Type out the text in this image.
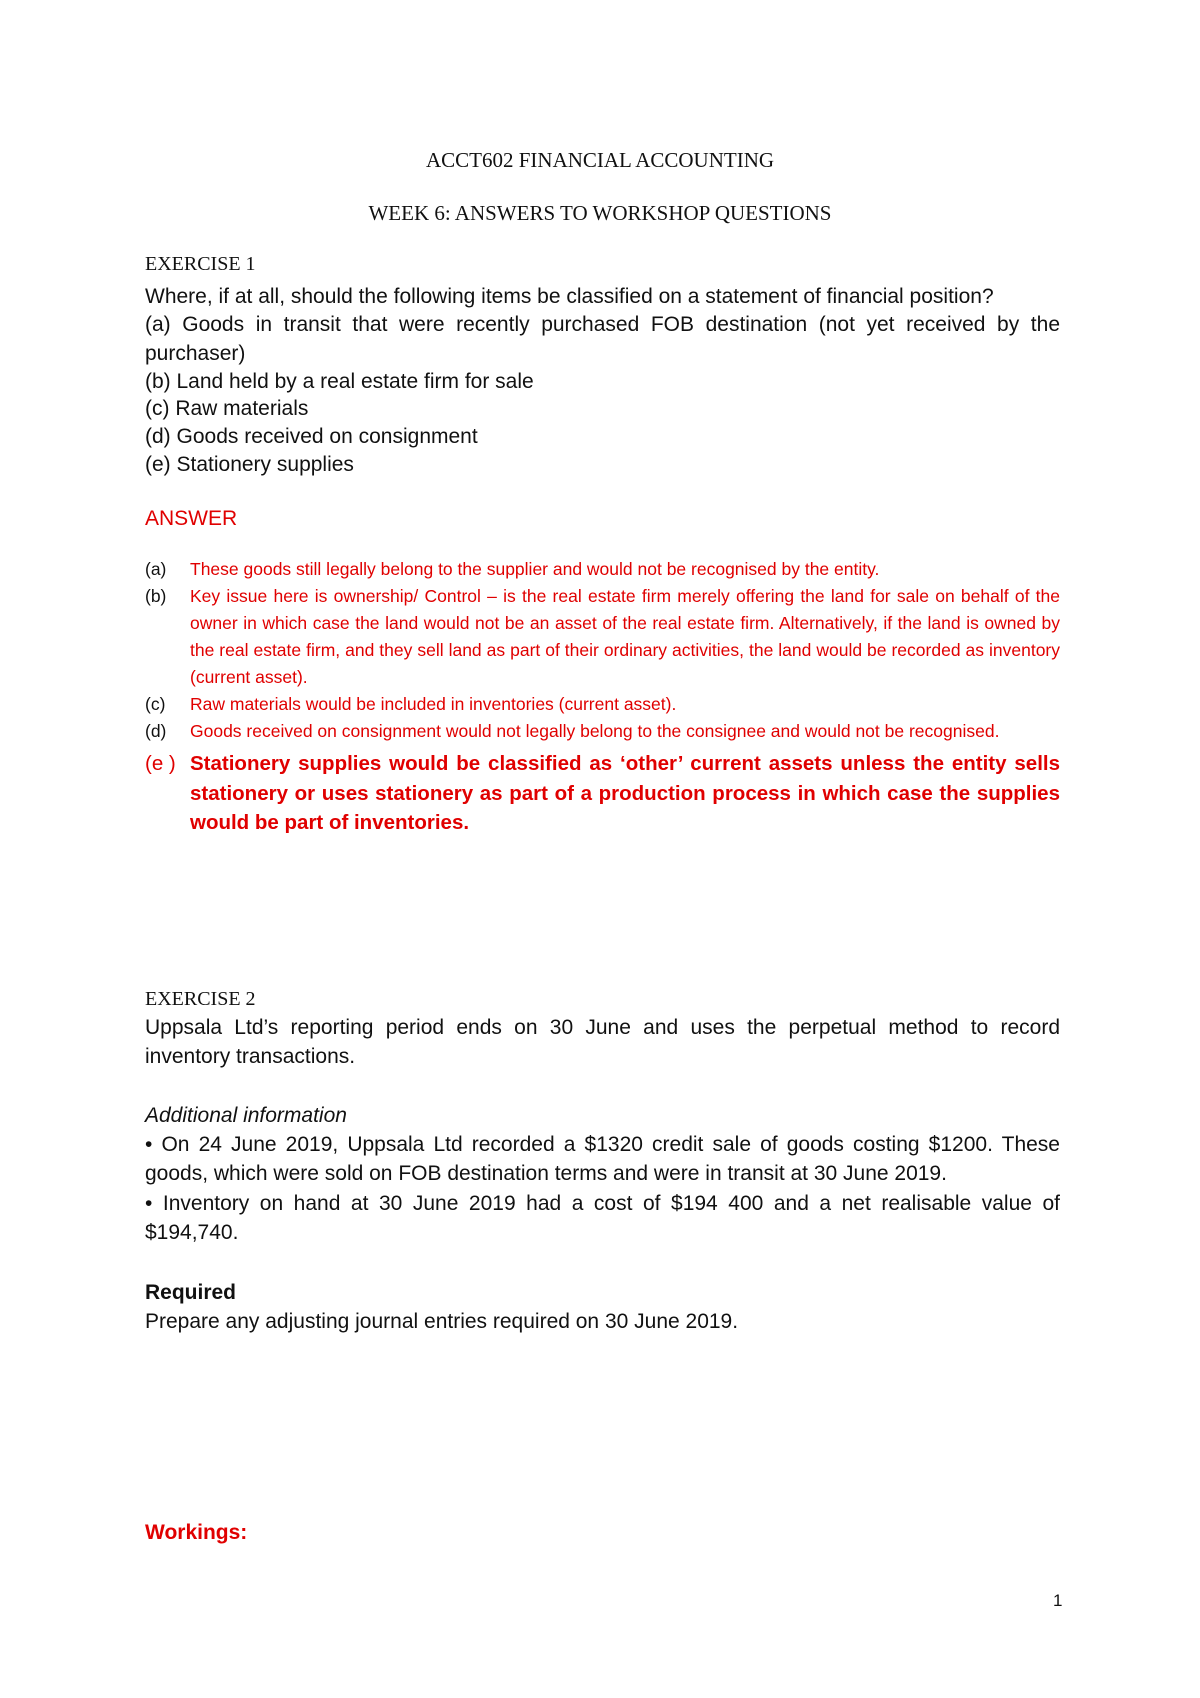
ACCT602 FINANCIAL ACCOUNTING
WEEK 6: ANSWERS TO WORKSHOP QUESTIONS
EXERCISE 1
Where, if at all, should the following items be classified on a statement of financial position?
(a) Goods in transit that were recently purchased FOB destination (not yet received by the purchaser)
(b) Land held by a real estate firm for sale
(c) Raw materials
(d) Goods received on consignment
(e) Stationery supplies
ANSWER
(a) These goods still legally belong to the supplier and would not be recognised by the entity.
(b) Key issue here is ownership/ Control – is the real estate firm merely offering the land for sale on behalf of the owner in which case the land would not be an asset of the real estate firm. Alternatively, if the land is owned by the real estate firm, and they sell land as part of their ordinary activities, the land would be recorded as inventory (current asset).
(c) Raw materials would be included in inventories (current asset).
(d) Goods received on consignment would not legally belong to the consignee and would not be recognised.
(e ) Stationery supplies would be classified as ‘other’ current assets unless the entity sells stationery or uses stationery as part of a production process in which case the supplies would be part of inventories.
EXERCISE 2
Uppsala Ltd’s reporting period ends on 30 June and uses the perpetual method to record inventory transactions.
Additional information
• On 24 June 2019, Uppsala Ltd recorded a $1320 credit sale of goods costing $1200. These goods, which were sold on FOB destination terms and were in transit at 30 June 2019.
• Inventory on hand at 30 June 2019 had a cost of $194 400 and a net realisable value of $194,740.
Required
Prepare any adjusting journal entries required on 30 June 2019.
Workings:
1
